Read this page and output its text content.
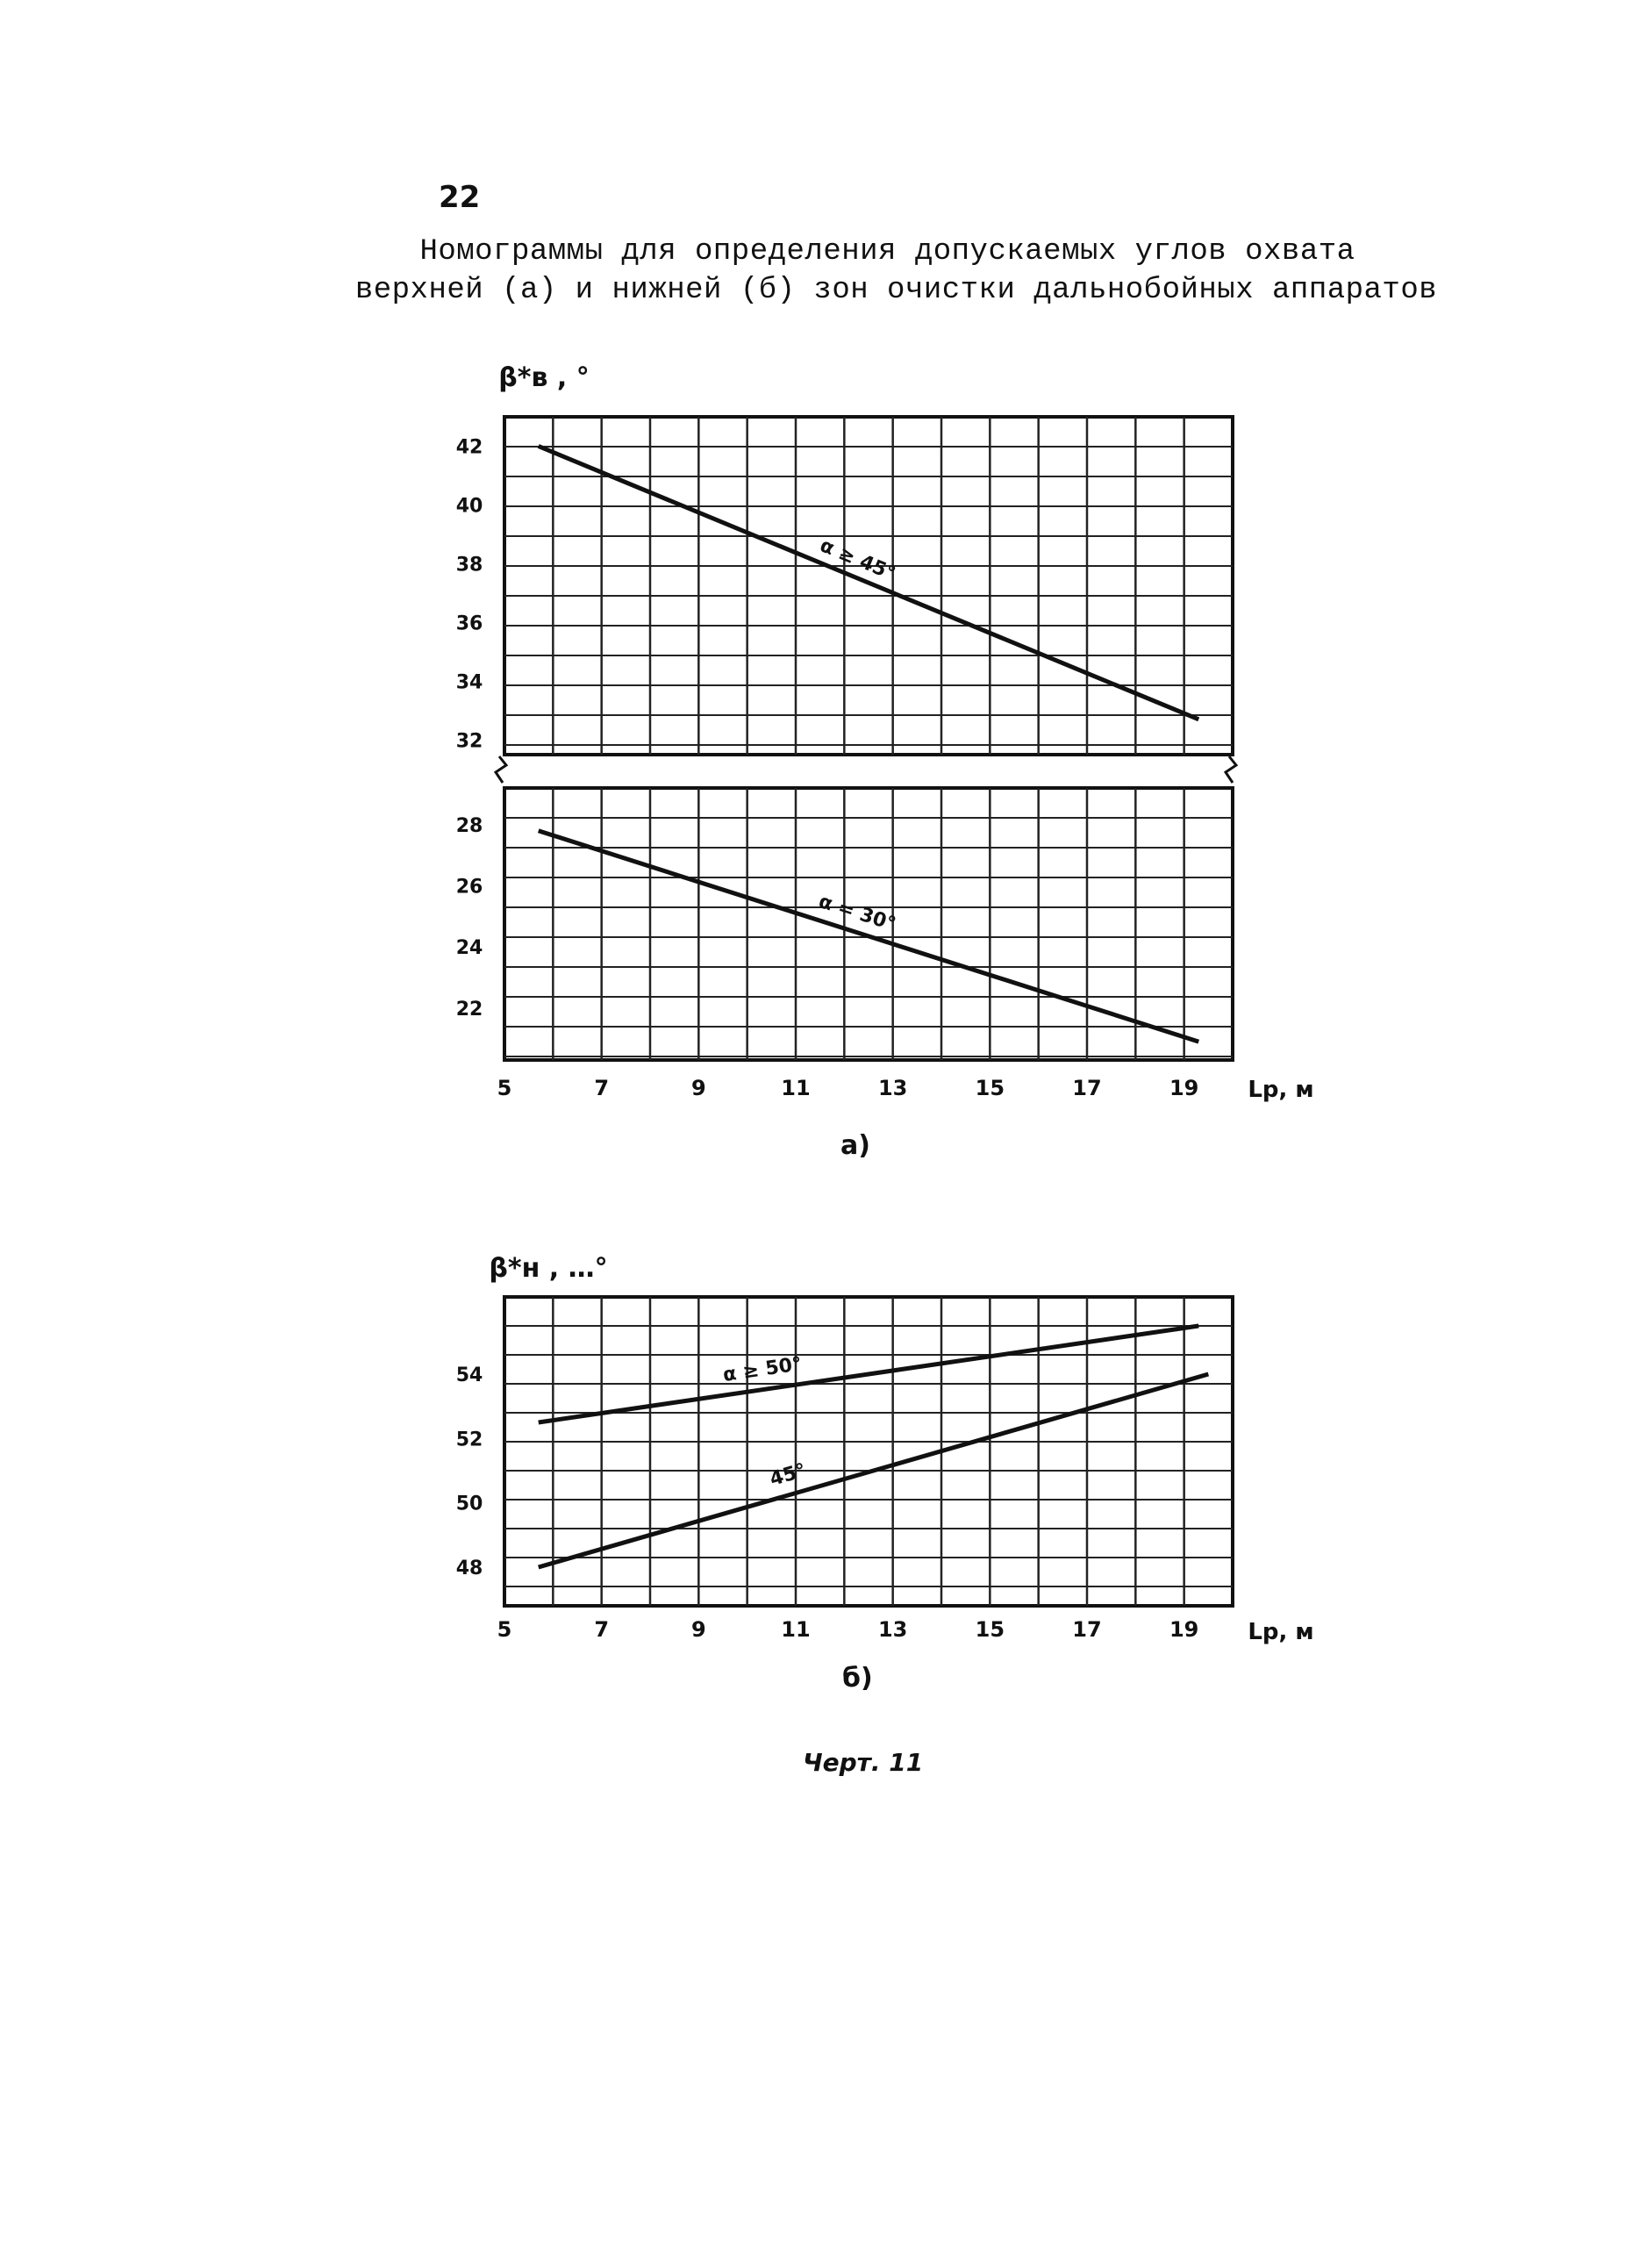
22
Номограммы для определения допускаемых углов охвата
верхней (а) и нижней (б) зон очистки дальнобойных аппаратов
42
40
38
36
34
32
28
26
24
22
5	7	9	11	13	15	17	19
β*в , °
Lр, м
α ≥ 45°
α = 30°
54
52
50
48
5	7	9	11	13	15	17	19
β*н , …°
Lр, м
α ≥ 50°
45°
а)
б)
Черт. 11
